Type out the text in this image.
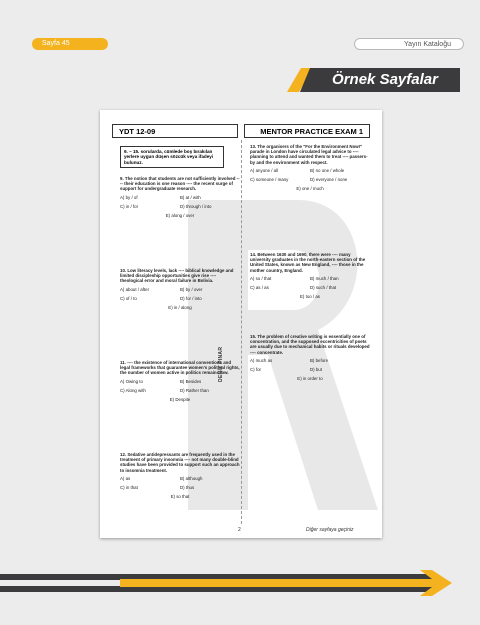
Sayfa 45	Yayın Kataloğu
Örnek Sayfalar
YDT 12-09	MENTOR PRACTICE EXAM 1
9. – 15. sorularda, cümlede boş bırakılan yerlere uygun düşen sözcük veya ifadeyi bulunuz.
9. The notion that students are not sufficiently involved ---- their education is one reason ---- the recent surge of support for undergraduate research.
A) by / of	B) at / with
C) in / for	D) through / into
E) along / over
10. Low literacy levels, lack ---- biblical knowledge and limited discipleship opportunities give rise ---- theological error and moral failure in Bolivia.
A) about / after	B) by / over
C) of / to	D) for / into
E) in / along
11. ---- the existence of international conventions and legal frameworks that guarantee women's political rights, the number of women active in politics remains low.
A) Owing to	B) Besides
C) Along with	D) Rather than
E) Despite
12. Sedative antidepressants are frequently used in the treatment of primary insomnia ---- not many double-blind studies have been provided to support such an approach to insomnia treatment.
A) as	B) although
C) in that	D) thus
E) so that
DENİZ PINAR
13. The organisers of the "For the Environment Now!" parade in London have circulated legal advice to ---- planning to attend and wanted them to treat ---- passers-by and the environment with respect.
A) anyone / all	B) no one / whole
C) someone / many	D) everyone / none
E) one / much
14. Between 1630 and 1690, there were ---- many university graduates in the north-eastern section of the United States, known as New England, ---- those in the mother country, England.
A) so / that	B) much / than
C) as / as	D) such / that
E) too / as
15. The problem of creative writing is essentially one of concentration, and the supposed eccentricities of poets are usually due to mechanical habits or rituals developed ---- concentrate.
A) much as	B) before
C) for	D) but
E) in order to
2	Diğer sayfaya geçiniz
